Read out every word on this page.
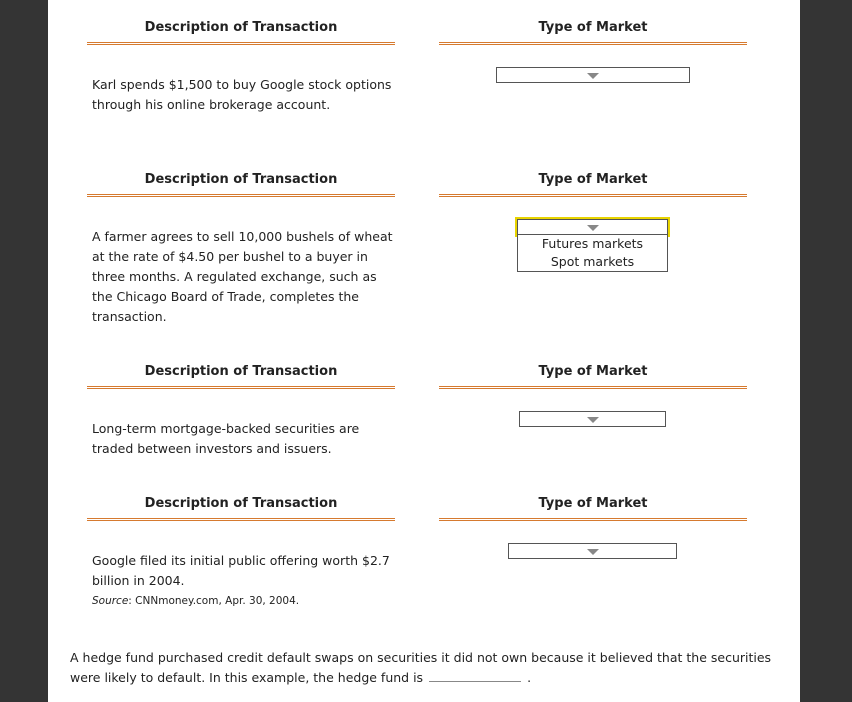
Description of Transaction	Type of Market
Karl spends $1,500 to buy Google stock options through his online brokerage account.
Description of Transaction	Type of Market
A farmer agrees to sell 10,000 bushels of wheat at the rate of $4.50 per bushel to a buyer in three months. A regulated exchange, such as the Chicago Board of Trade, completes the transaction.
Futures markets
Spot markets
Description of Transaction	Type of Market
Long-term mortgage-backed securities are traded between investors and issuers.
Description of Transaction	Type of Market
Google filed its initial public offering worth $2.7 billion in 2004.
Source: CNNmoney.com, Apr. 30, 2004.
A hedge fund purchased credit default swaps on securities it did not own because it believed that the securities were likely to default. In this example, the hedge fund is	.
